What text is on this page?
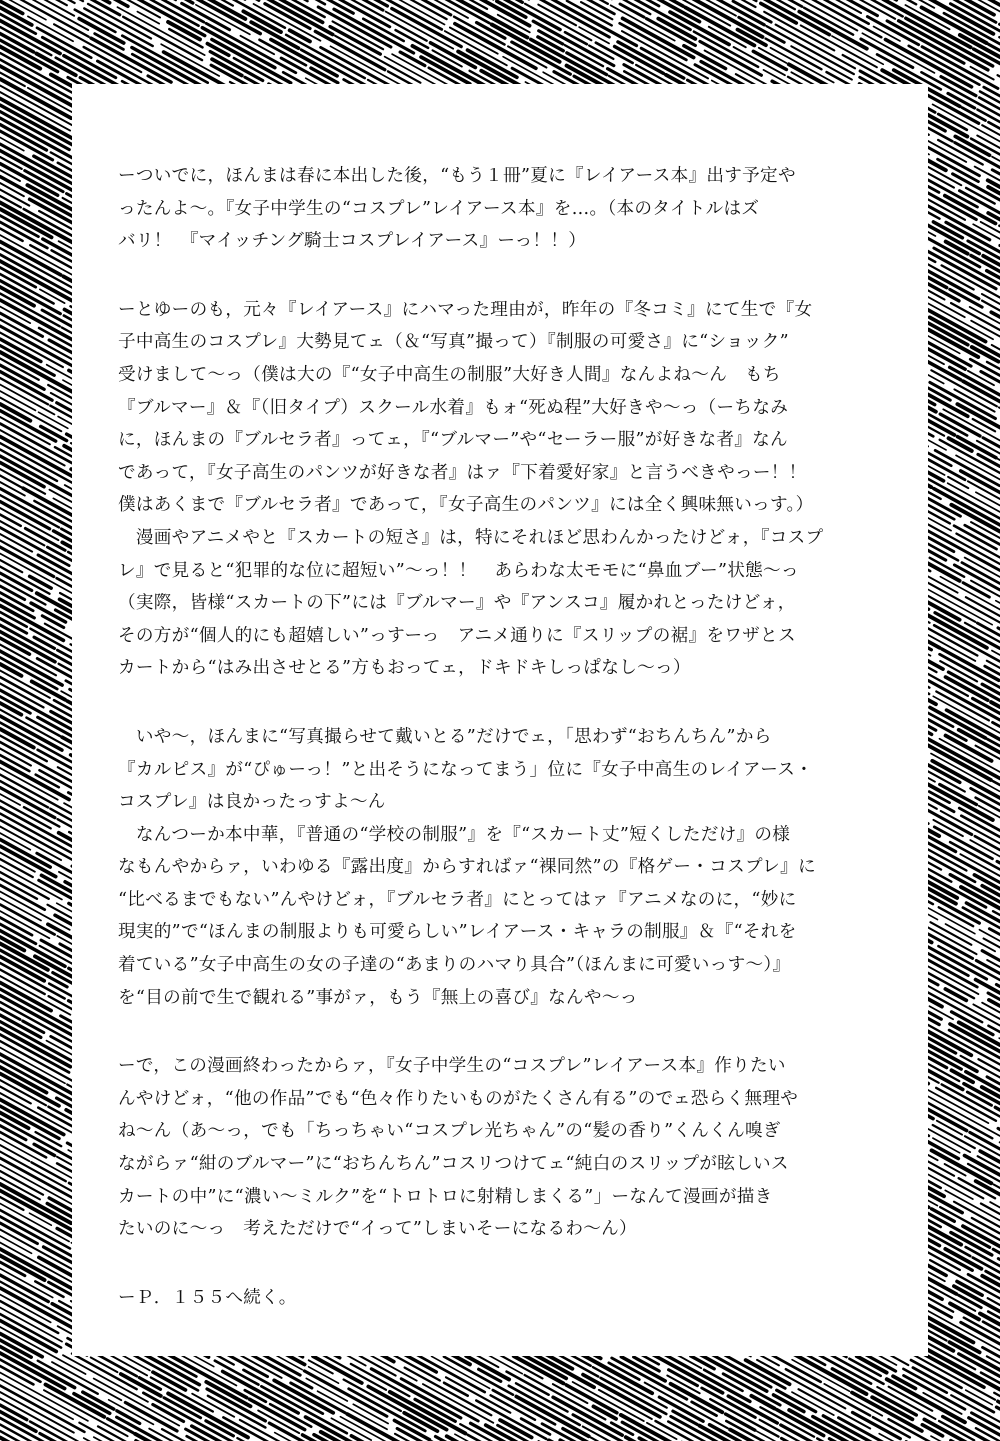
ーついでに，ほんまは春に本出した後，“もう１冊”夏に『レイアース本』出す予定や
ったんよ～。『女子中学生の“コスプレ”レイアース本』を…。（本のタイトルはズ
バリ！　『マイッチング騎士コスプレイアース』ーっ！！）
ーとゆーのも，元々『レイアース』にハマった理由が，昨年の『冬コミ』にて生で『女
子中高生のコスプレ』大勢見てェ（＆“写真”撮って）『制服の可愛さ』に“ショック”
受けまして～っ（僕は大の『“女子中高生の制服”大好き人間』なんよね～ん　もち
『ブルマー』＆『（旧タイプ）スクール水着』もォ“死ぬ程”大好きや～っ（ーちなみ
に，ほんまの『ブルセラ者』ってェ，『“ブルマー”や“セーラー服”が好きな者』なん
であって，『女子高生のパンツが好きな者』はァ『下着愛好家』と言うべきやっー！！
僕はあくまで『ブルセラ者』であって，『女子高生のパンツ』には全く興味無いっす。）
　漫画やアニメやと『スカートの短さ』は，特にそれほど思わんかったけどォ，『コスプ
レ』で見ると“犯罪的な位に超短い”～っ！！　あらわな太モモに“鼻血ブー”状態～っ
（実際，皆様“スカートの下”には『ブルマー』や『アンスコ』履かれとったけどォ，
その方が“個人的にも超嬉しい”っすーっ　アニメ通りに『スリップの裾』をワザとス
カートから“はみ出させとる”方もおってェ，ドキドキしっぱなし～っ）
　いや～，ほんまに“写真撮らせて戴いとる”だけでェ，「思わず“おちんちん”から
『カルピス』が“ぴゅーっ！”と出そうになってまう」位に『女子中高生のレイアース・
コスプレ』は良かったっすよ～ん
　なんつーか本中華，『普通の“学校の制服”』を『“スカート丈”短くしただけ』の様
なもんやからァ，いわゆる『露出度』からすればァ“裸同然”の『格ゲー・コスプレ』に
“比べるまでもない”んやけどォ，『ブルセラ者』にとってはァ『アニメなのに，“妙に
現実的”で“ほんまの制服よりも可愛らしい”レイアース・キャラの制服』＆『“それを
着ている”女子中高生の女の子達の“あまりのハマり具合”（ほんまに可愛いっす～）』
を“目の前で生で観れる”事がァ，もう『無上の喜び』なんや～っ
ーで，この漫画終わったからァ，『女子中学生の“コスプレ”レイアース本』作りたい
んやけどォ，“他の作品”でも“色々作りたいものがたくさん有る”のでェ恐らく無理や
ね～ん（あ～っ，でも「ちっちゃい“コスプレ光ちゃん”の“髪の香り”くんくん嗅ぎ
ながらァ“紺のブルマー”に“おちんちん”コスリつけてェ“純白のスリップが眩しいス
カートの中”に“濃い～ミルク”を“トロトロに射精しまくる”」ーなんて漫画が描き
たいのに～っ　考えただけで“イって”しまいそーになるわ～ん）
ーＰ．１５５へ続く。
